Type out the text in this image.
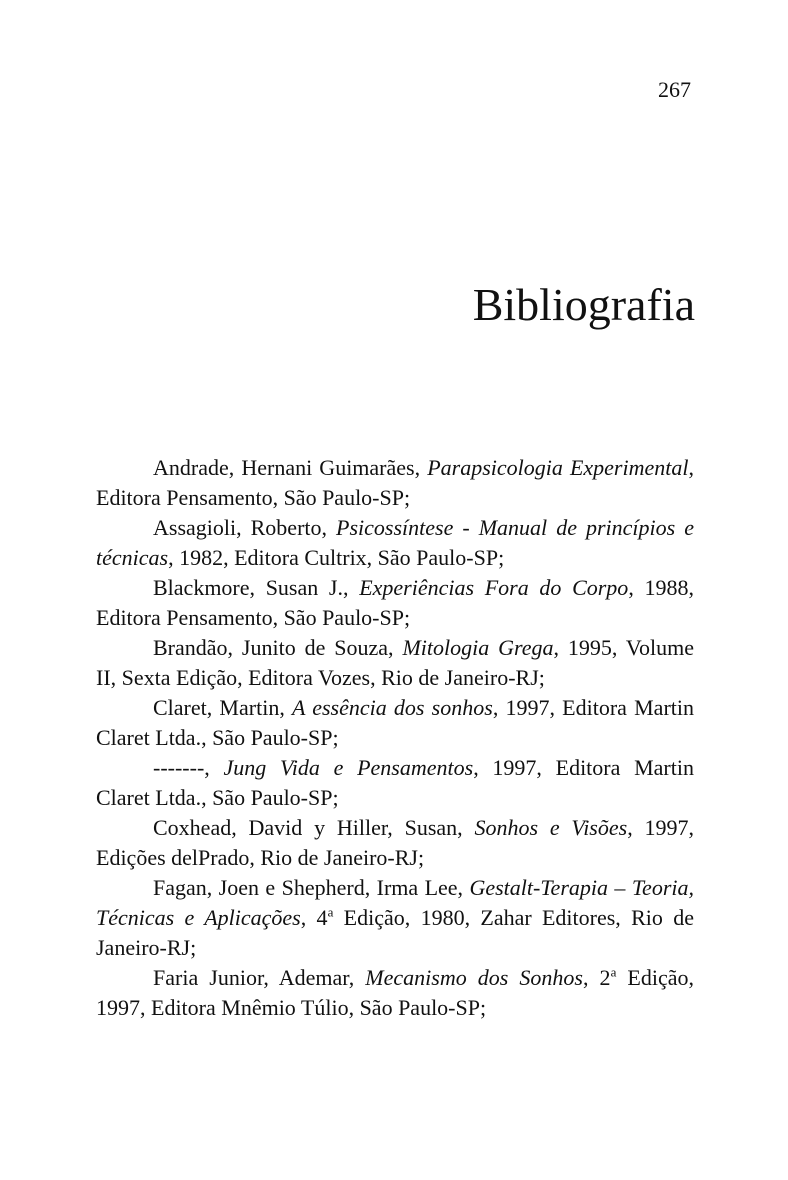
267
Bibliografia

Andrade, Hernani Guimarães, Parapsicologia Experimental, Editora Pensamento, São Paulo-SP;

Assagioli, Roberto, Psicossíntese - Manual de princípios e técnicas, 1982, Editora Cultrix, São Paulo-SP;

Blackmore, Susan J., Experiências Fora do Corpo, 1988, Editora Pensamento, São Paulo-SP;

Brandão, Junito de Souza, Mitologia Grega, 1995, Volume II, Sexta Edição, Editora Vozes, Rio de Janeiro-RJ;

Claret, Martin, A essência dos sonhos, 1997, Editora Martin Claret Ltda., São Paulo-SP;

-------, Jung Vida e Pensamentos, 1997, Editora Martin Claret Ltda., São Paulo-SP;

Coxhead, David y Hiller, Susan, Sonhos e Visões, 1997, Edições delPrado, Rio de Janeiro-RJ;

Fagan, Joen e Shepherd, Irma Lee, Gestalt-Terapia – Teoria, Técnicas e Aplicações, 4$^a$ Edição, 1980, Zahar Editores, Rio de Janeiro-RJ;

Faria Junior, Ademar, Mecanismo dos Sonhos, 2$^a$ Edição, 1997, Editora Mnêmio Túlio, São Paulo-SP;
